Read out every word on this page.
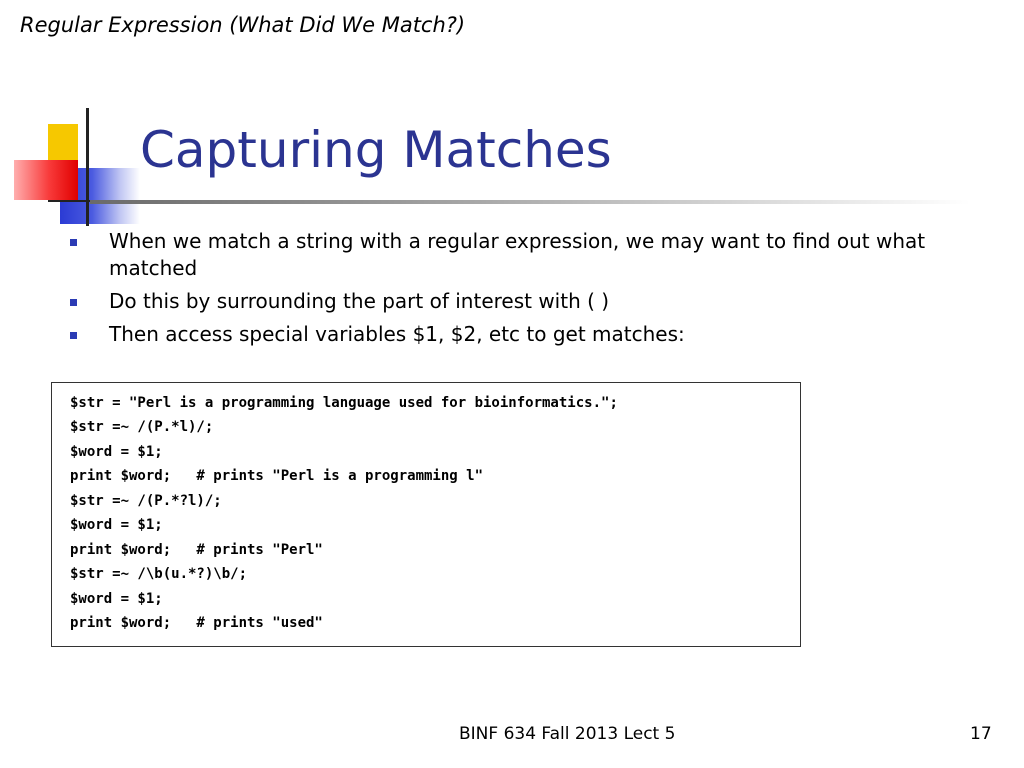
Regular Expression (What Did We Match?)
Capturing Matches
When we match a string with a regular expression, we may want to find out what matched
Do this by surrounding the part of interest with ( )
Then access special variables $1, $2, etc to get matches:
$str = "Perl is a programming language used for bioinformatics.";
$str =~ /(P.*l)/;
$word = $1;
print $word;   # prints "Perl is a programming l"
$str =~ /(P.*?l)/;
$word = $1;
print $word;   # prints "Perl"
$str =~ /\b(u.*?)\b/;
$word = $1;
print $word;   # prints "used"
BINF 634 Fall 2013 Lect 5	17
